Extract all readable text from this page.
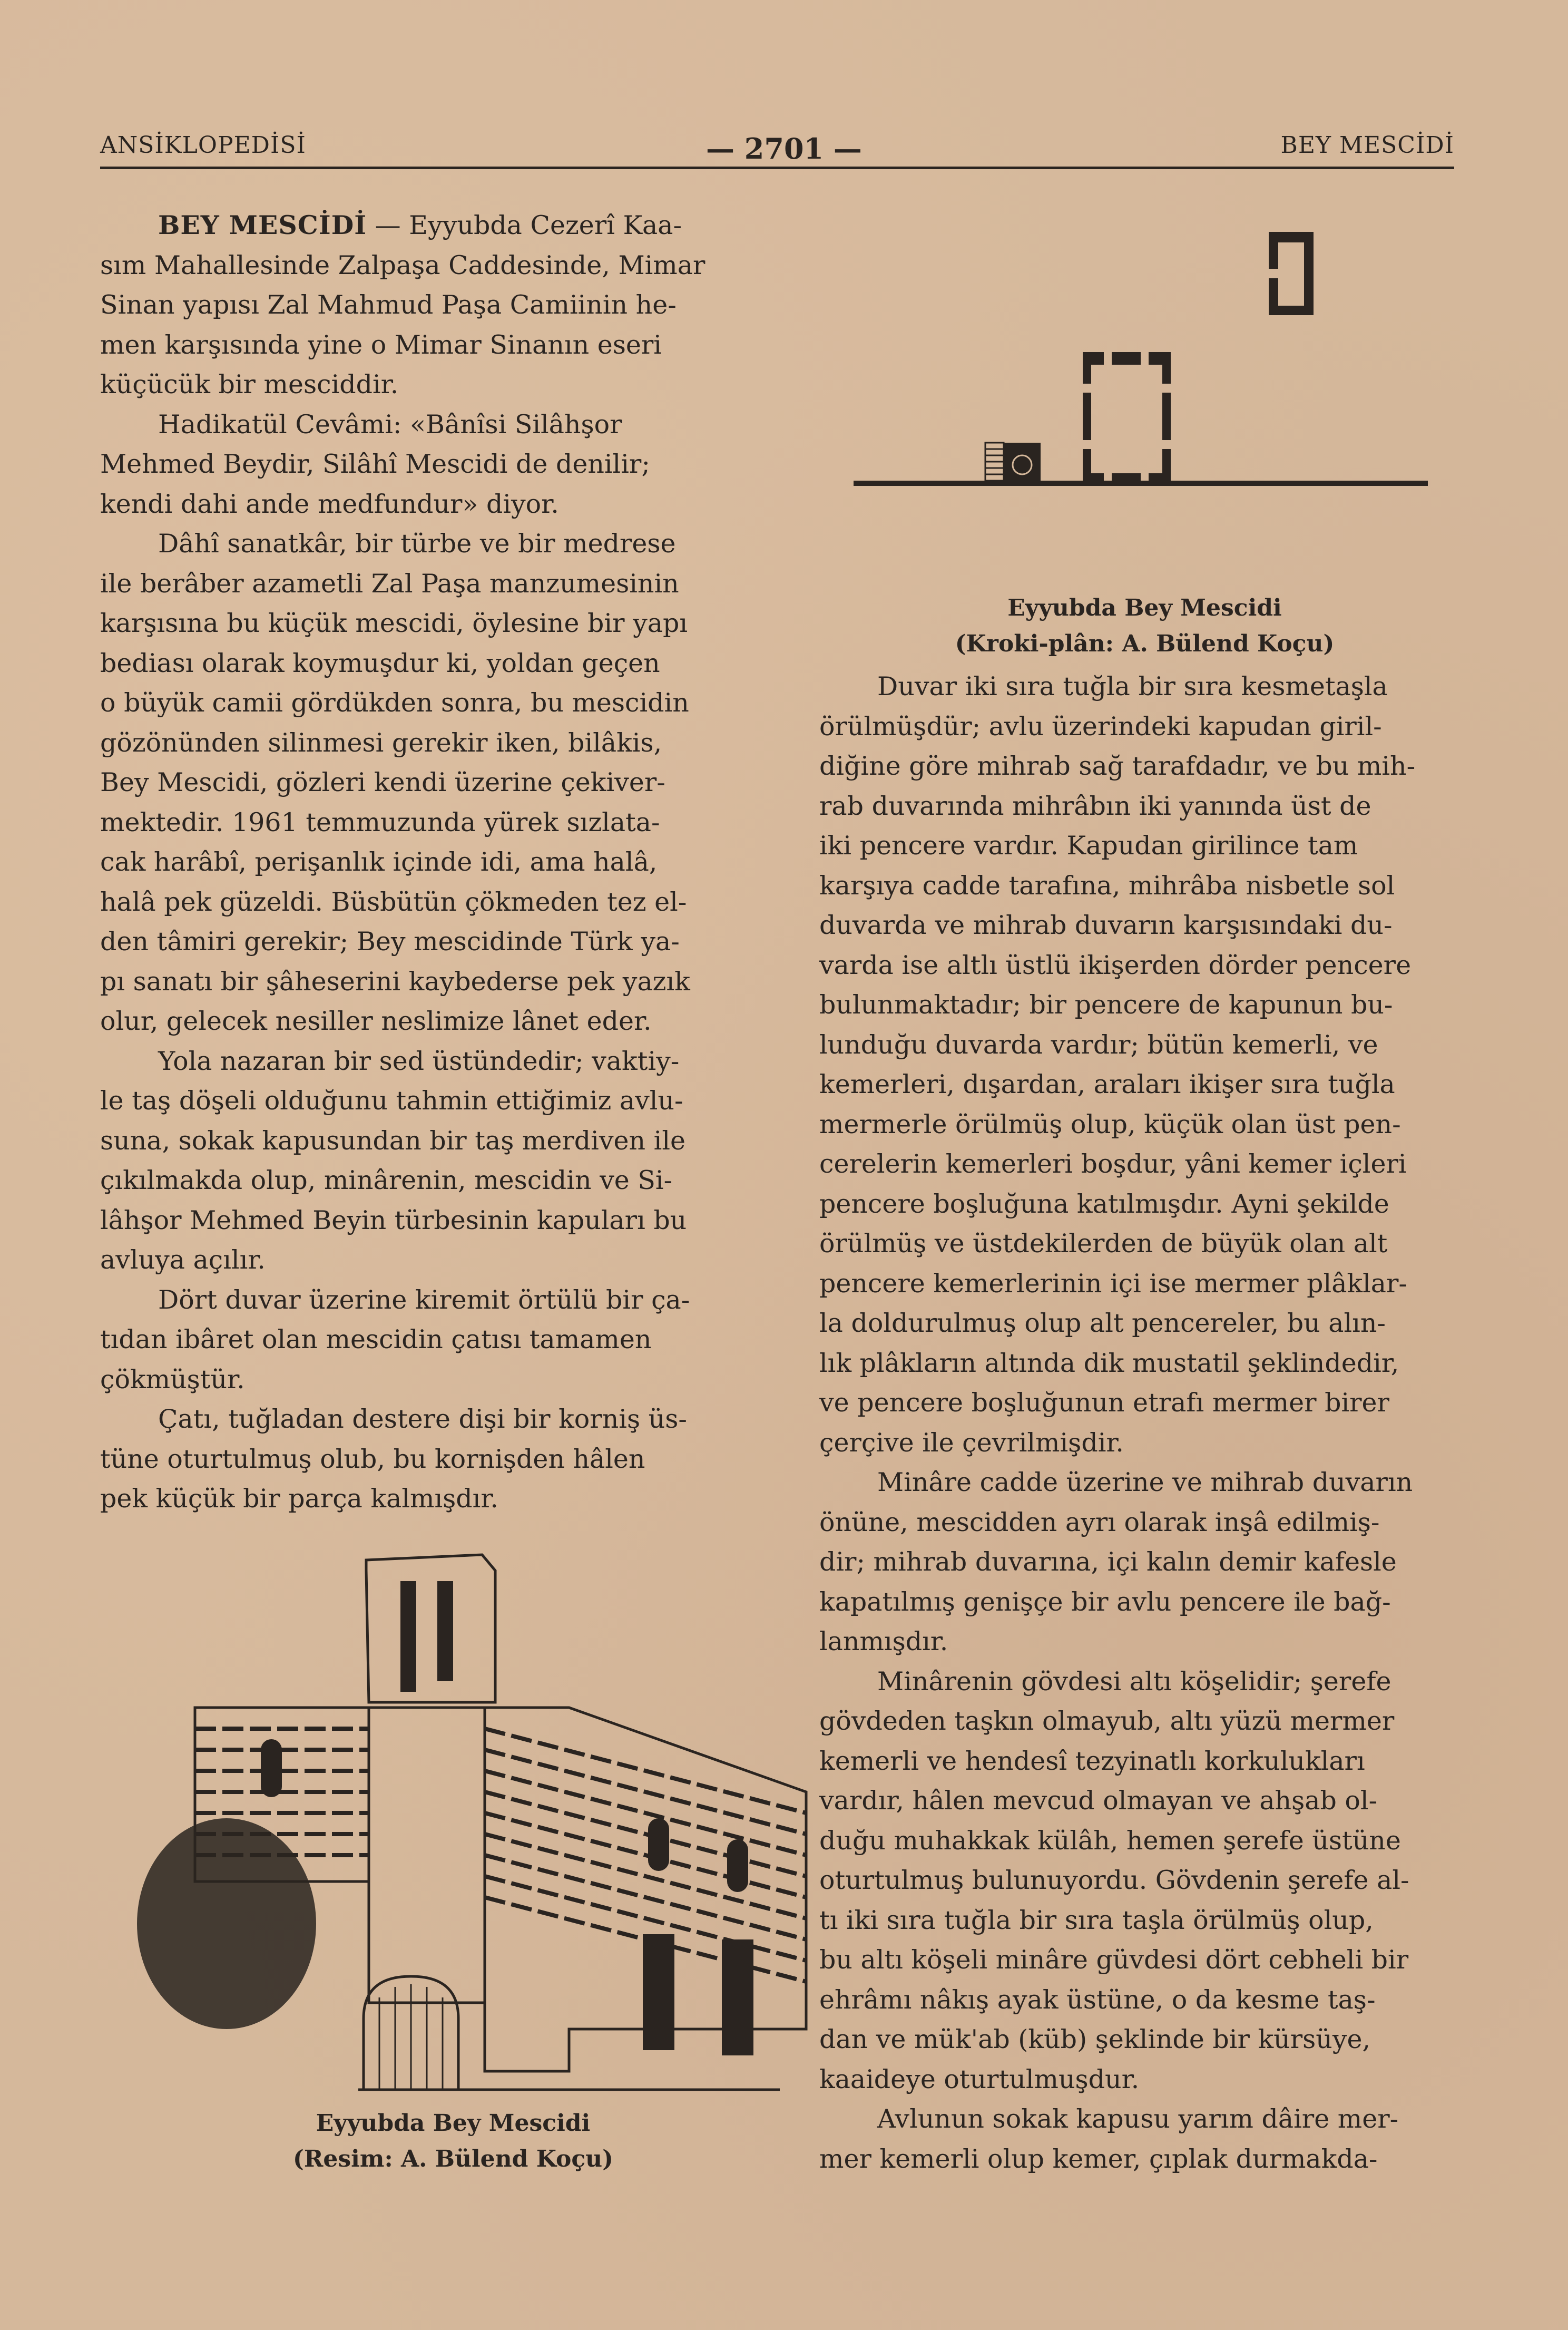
ANSİKLOPEDİSİ	— 2701 —	BEY MESCİDİ
BEY MESCİDİ — Eyyubda Cezerî Kaa-
sım Mahallesinde Zalpaşa Caddesinde, Mimar
Sinan yapısı Zal Mahmud Paşa Camiinin he-
men karşısında yine o Mimar Sinanın eseri
küçücük bir mesciddir.
Hadikatül Cevâmi: «Bânîsi Silâhşor
Mehmed Beydir, Silâhî Mescidi de denilir;
kendi dahi ande medfundur» diyor.
Dâhî sanatkâr, bir türbe ve bir medrese
ile berâber azametli Zal Paşa manzumesinin
karşısına bu küçük mescidi, öylesine bir yapı
bediası olarak koymuşdur ki, yoldan geçen
o büyük camii gördükden sonra, bu mescidin
gözönünden silinmesi gerekir iken, bilâkis,
Bey Mescidi, gözleri kendi üzerine çekiver-
mektedir. 1961 temmuzunda yürek sızlata-
cak harâbî, perişanlık içinde idi, ama halâ,
halâ pek güzeldi. Büsbütün çökmeden tez el-
den tâmiri gerekir; Bey mescidinde Türk ya-
pı sanatı bir şâheserini kaybederse pek yazık
olur, gelecek nesiller neslimize lânet eder.
Yola nazaran bir sed üstündedir; vaktiy-
le taş döşeli olduğunu tahmin ettiğimiz avlu-
suna, sokak kapusundan bir taş merdiven ile
çıkılmakda olup, minârenin, mescidin ve Si-
lâhşor Mehmed Beyin türbesinin kapuları bu
avluya açılır.
Dört duvar üzerine kiremit örtülü bir ça-
tıdan ibâret olan mescidin çatısı tamamen
çökmüştür.
Çatı, tuğladan destere dişi bir korniş üs-
tüne oturtulmuş olub, bu kornişden hâlen
pek küçük bir parça kalmışdır.
Eyyubda Bey Mescidi
(Kroki-plân: A. Bülend Koçu)
Duvar iki sıra tuğla bir sıra kesmetaşla
örülmüşdür; avlu üzerindeki kapudan giril-
diğine göre mihrab sağ tarafdadır, ve bu mih-
rab duvarında mihrâbın iki yanında üst de
iki pencere vardır. Kapudan girilince tam
karşıya cadde tarafına, mihrâba nisbetle sol
duvarda ve mihrab duvarın karşısındaki du-
varda ise altlı üstlü ikişerden dörder pencere
bulunmaktadır; bir pencere de kapunun bu-
lunduğu duvarda vardır; bütün kemerli, ve
kemerleri, dışardan, araları ikişer sıra tuğla
mermerle örülmüş olup, küçük olan üst pen-
cerelerin kemerleri boşdur, yâni kemer içleri
pencere boşluğuna katılmışdır. Ayni şekilde
örülmüş ve üstdekilerden de büyük olan alt
pencere kemerlerinin içi ise mermer plâklar-
la doldurulmuş olup alt pencereler, bu alın-
lık plâkların altında dik mustatil şeklindedir,
ve pencere boşluğunun etrafı mermer birer
çerçive ile çevrilmişdir.
Minâre cadde üzerine ve mihrab duvarın
önüne, mescidden ayrı olarak inşâ edilmiş-
dir; mihrab duvarına, içi kalın demir kafesle
kapatılmış genişçe bir avlu pencere ile bağ-
lanmışdır.
Minârenin gövdesi altı köşelidir; şerefe
gövdeden taşkın olmayub, altı yüzü mermer
kemerli ve hendesî tezyinatlı korkulukları
vardır, hâlen mevcud olmayan ve ahşab ol-
duğu muhakkak külâh, hemen şerefe üstüne
oturtulmuş bulunuyordu. Gövdenin şerefe al-
tı iki sıra tuğla bir sıra taşla örülmüş olup,
bu altı köşeli minâre güvdesi dört cebheli bir
ehrâmı nâkış ayak üstüne, o da kesme taş-
dan ve mük'ab (küb) şeklinde bir kürsüye,
kaaideye oturtulmuşdur.
Avlunun sokak kapusu yarım dâire mer-
mer kemerli olup kemer, çıplak durmakda-
Eyyubda Bey Mescidi
(Resim: A. Bülend Koçu)
